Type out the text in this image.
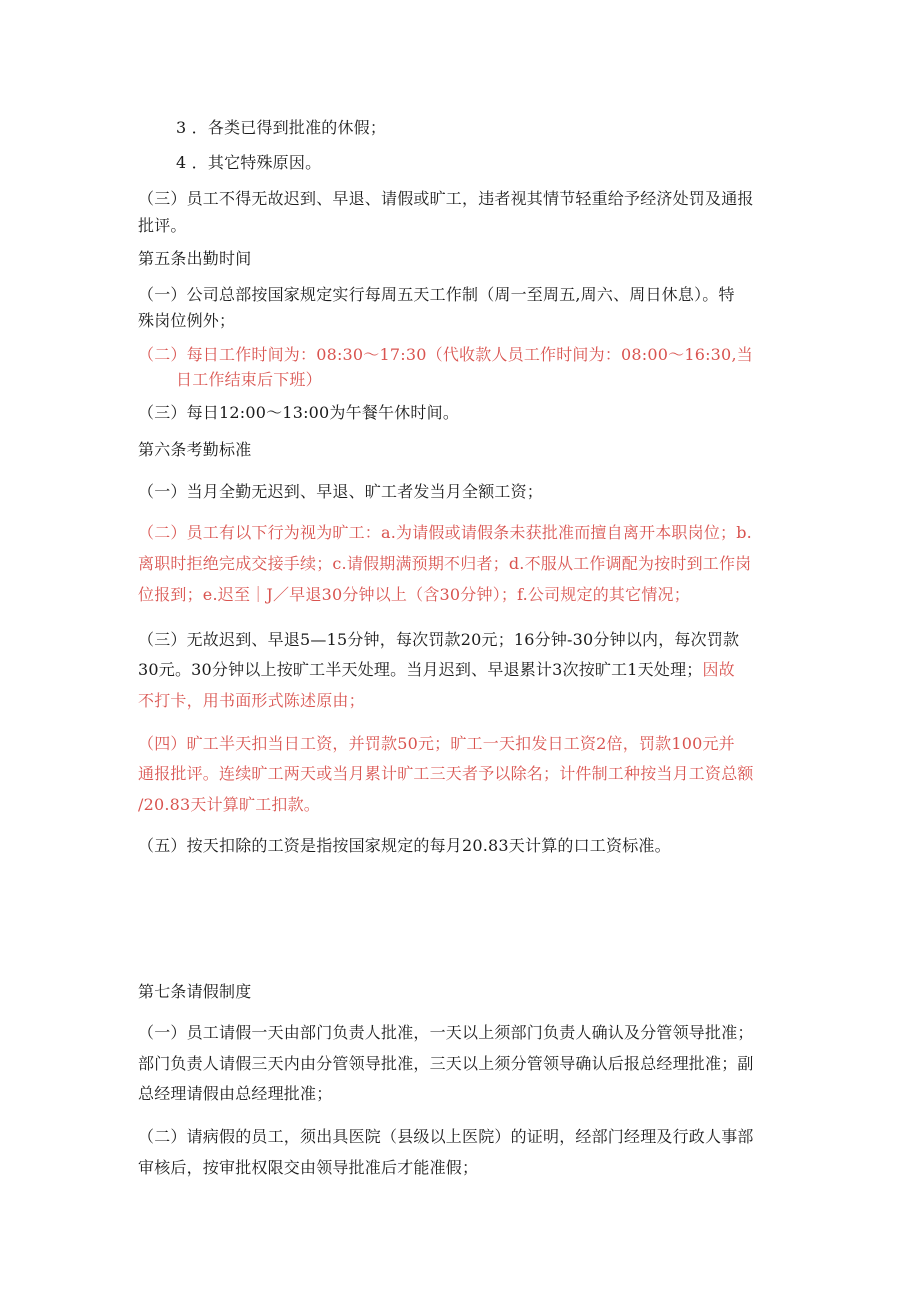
3 ．各类已得到批准的休假；
4 ．其它特殊原因。
（三）员工不得无故迟到、早退、请假或旷工，违者视其情节轻重给予经济处罚及通报
批评。
第五条出勤时间
（一）公司总部按国家规定实行每周五天工作制（周一至周五,周六、周日休息）。特
殊岗位例外；
（二）每日工作时间为：08:30～17:30（代收款人员工作时间为：08:00～16:30,当
日工作结束后下班）
（三）每日12:00～13:00为午餐午休时间。
第六条考勤标准
（一）当月全勤无迟到、早退、旷工者发当月全额工资；
（二）员工有以下行为视为旷工：a.为请假或请假条未获批准而擅自离开本职岗位；b.
离职时拒绝完成交接手续；c.请假期满预期不归者；d.不服从工作调配为按时到工作岗
位报到；e.迟至｜J／早退30分钟以上（含30分钟）；f.公司规定的其它情况；
（三）无故迟到、早退5—15分钟，每次罚款20元；16分钟-30分钟以内，每次罚款
30元。30分钟以上按旷工半天处理。当月迟到、早退累计3次按旷工1天处理；因故
不打卡，用书面形式陈述原由；
（四）旷工半天扣当日工资，并罚款50元；旷工一天扣发日工资2倍，罚款100元并
通报批评。连续旷工两天或当月累计旷工三天者予以除名；计件制工种按当月工资总额
/20.83天计算旷工扣款。
（五）按天扣除的工资是指按国家规定的每月20.83天计算的口工资标准。
第七条请假制度
（一）员工请假一天由部门负责人批准，一天以上须部门负责人确认及分管领导批准；
部门负责人请假三天内由分管领导批准，三天以上须分管领导确认后报总经理批准；副
总经理请假由总经理批准；
（二）请病假的员工，须出具医院（县级以上医院）的证明，经部门经理及行政人事部
审核后，按审批权限交由领导批准后才能准假；
